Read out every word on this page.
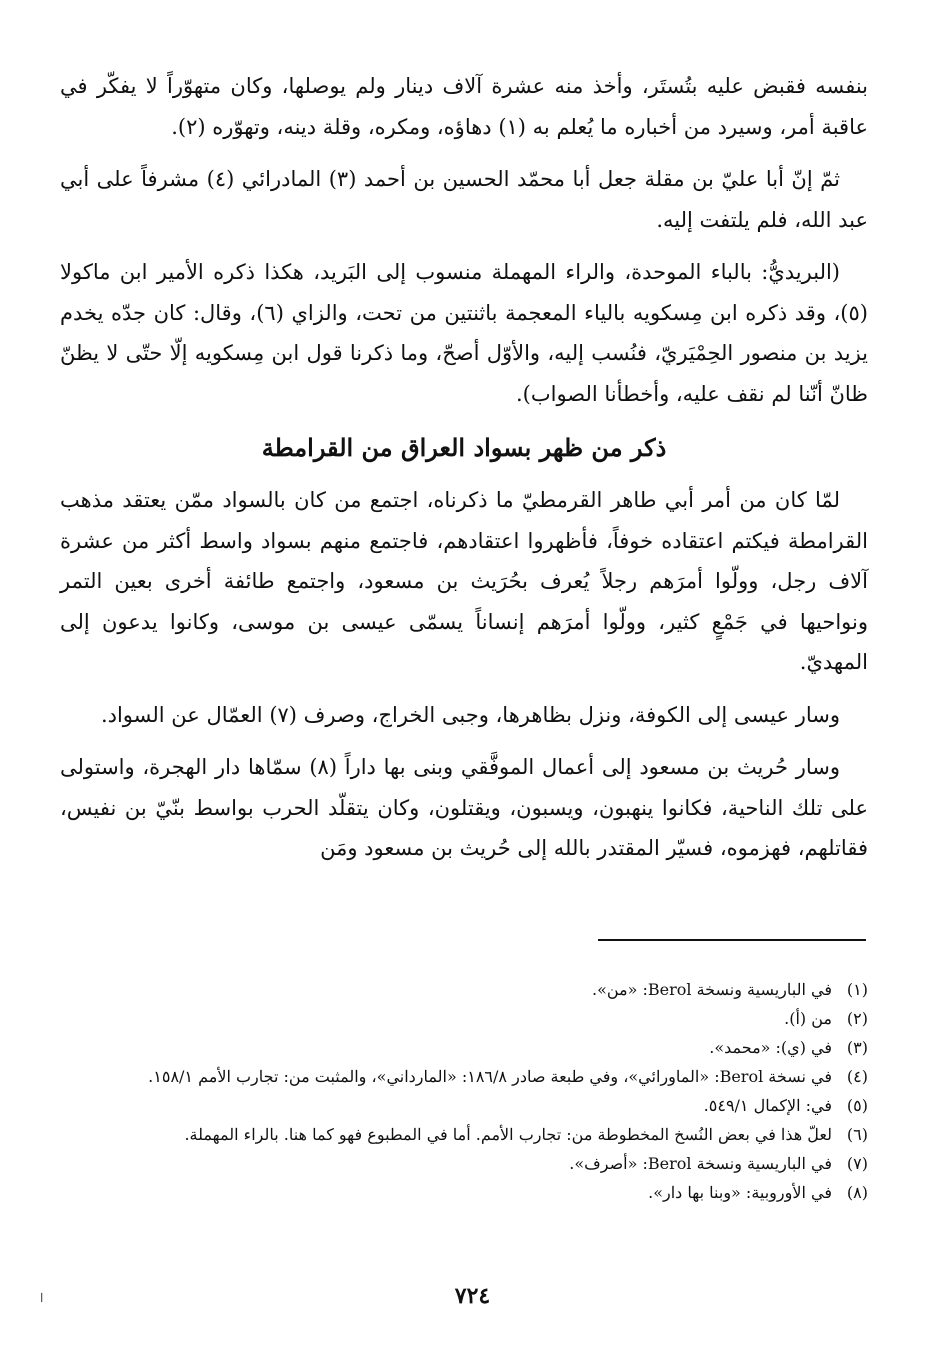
بنفسه فقبض عليه بتُستَر، وأخذ منه عشرة آلاف دينار ولم يوصلها، وكان متهوّراً لا يفكّر في عاقبة أمر، وسيرد من أخباره ما يُعلم به (١) دهاؤه، ومكره، وقلة دينه، وتهوّره (٢).

ثمّ إنّ أبا عليّ بن مقلة جعل أبا محمّد الحسين بن أحمد (٣) المادرائي (٤) مشرفاً على أبي عبد الله، فلم يلتفت إليه.

(البريديُّ: بالباء الموحدة، والراء المهملة منسوب إلى البَريد، هكذا ذكره الأمير ابن ماكولا (٥)، وقد ذكره ابن مِسكويه بالياء المعجمة باثنتين من تحت، والزاي (٦)، وقال: كان جدّه يخدم يزيد بن منصور الحِمْيَريّ، فنُسب إليه، والأوّل أصحّ، وما ذكرنا قول ابن مِسكويه إلّا حتّى لا يظنّ ظانّ أنّنا لم نقف عليه، وأخطأنا الصواب).

ذكر من ظهر بسواد العراق من القرامطة

لمّا كان من أمر أبي طاهر القرمطيّ ما ذكرناه، اجتمع من كان بالسواد ممّن يعتقد مذهب القرامطة فيكتم اعتقاده خوفاً، فأظهروا اعتقادهم، فاجتمع منهم بسواد واسط أكثر من عشرة آلاف رجل، وولّوا أمرَهم رجلاً يُعرف بحُرَيث بن مسعود، واجتمع طائفة أخرى بعين التمر ونواحيها في جَمْعٍ كثير، وولّوا أمرَهم إنساناً يسمّى عيسى بن موسى، وكانوا يدعون إلى المهديّ.

وسار عيسى إلى الكوفة، ونزل بظاهرها، وجبى الخراج، وصرف (٧) العمّال عن السواد.

وسار حُريث بن مسعود إلى أعمال الموفَّقي وبنى بها داراً (٨) سمّاها دار الهجرة، واستولى على تلك الناحية، فكانوا ينهبون، ويسبون، ويقتلون، وكان يتقلّد الحرب بواسط بنّيّ بن نفيس، فقاتلهم، فهزموه، فسيّر المقتدر بالله إلى حُريث بن مسعود ومَن

(١)في الباريسية ونسخة Berol: «من».

(٢)من (أ).

(٣)في (ي): «محمد».

(٤)في نسخة Berol: «الماورائي»، وفي طبعة صادر ١٨٦/٨: «المارداني»، والمثبت من: تجارب الأمم ١٥٨/١.

(٥)في: الإكمال ٥٤٩/١.

(٦)لعلّ هذا في بعض النُسخ المخطوطة من: تجارب الأمم. أما في المطبوع فهو كما هنا. بالراء المهملة.

(٧)في الباريسية ونسخة Berol: «أصرف».

(٨)في الأوروبية: «وبنا بها دار».

٧٢٤
ا
